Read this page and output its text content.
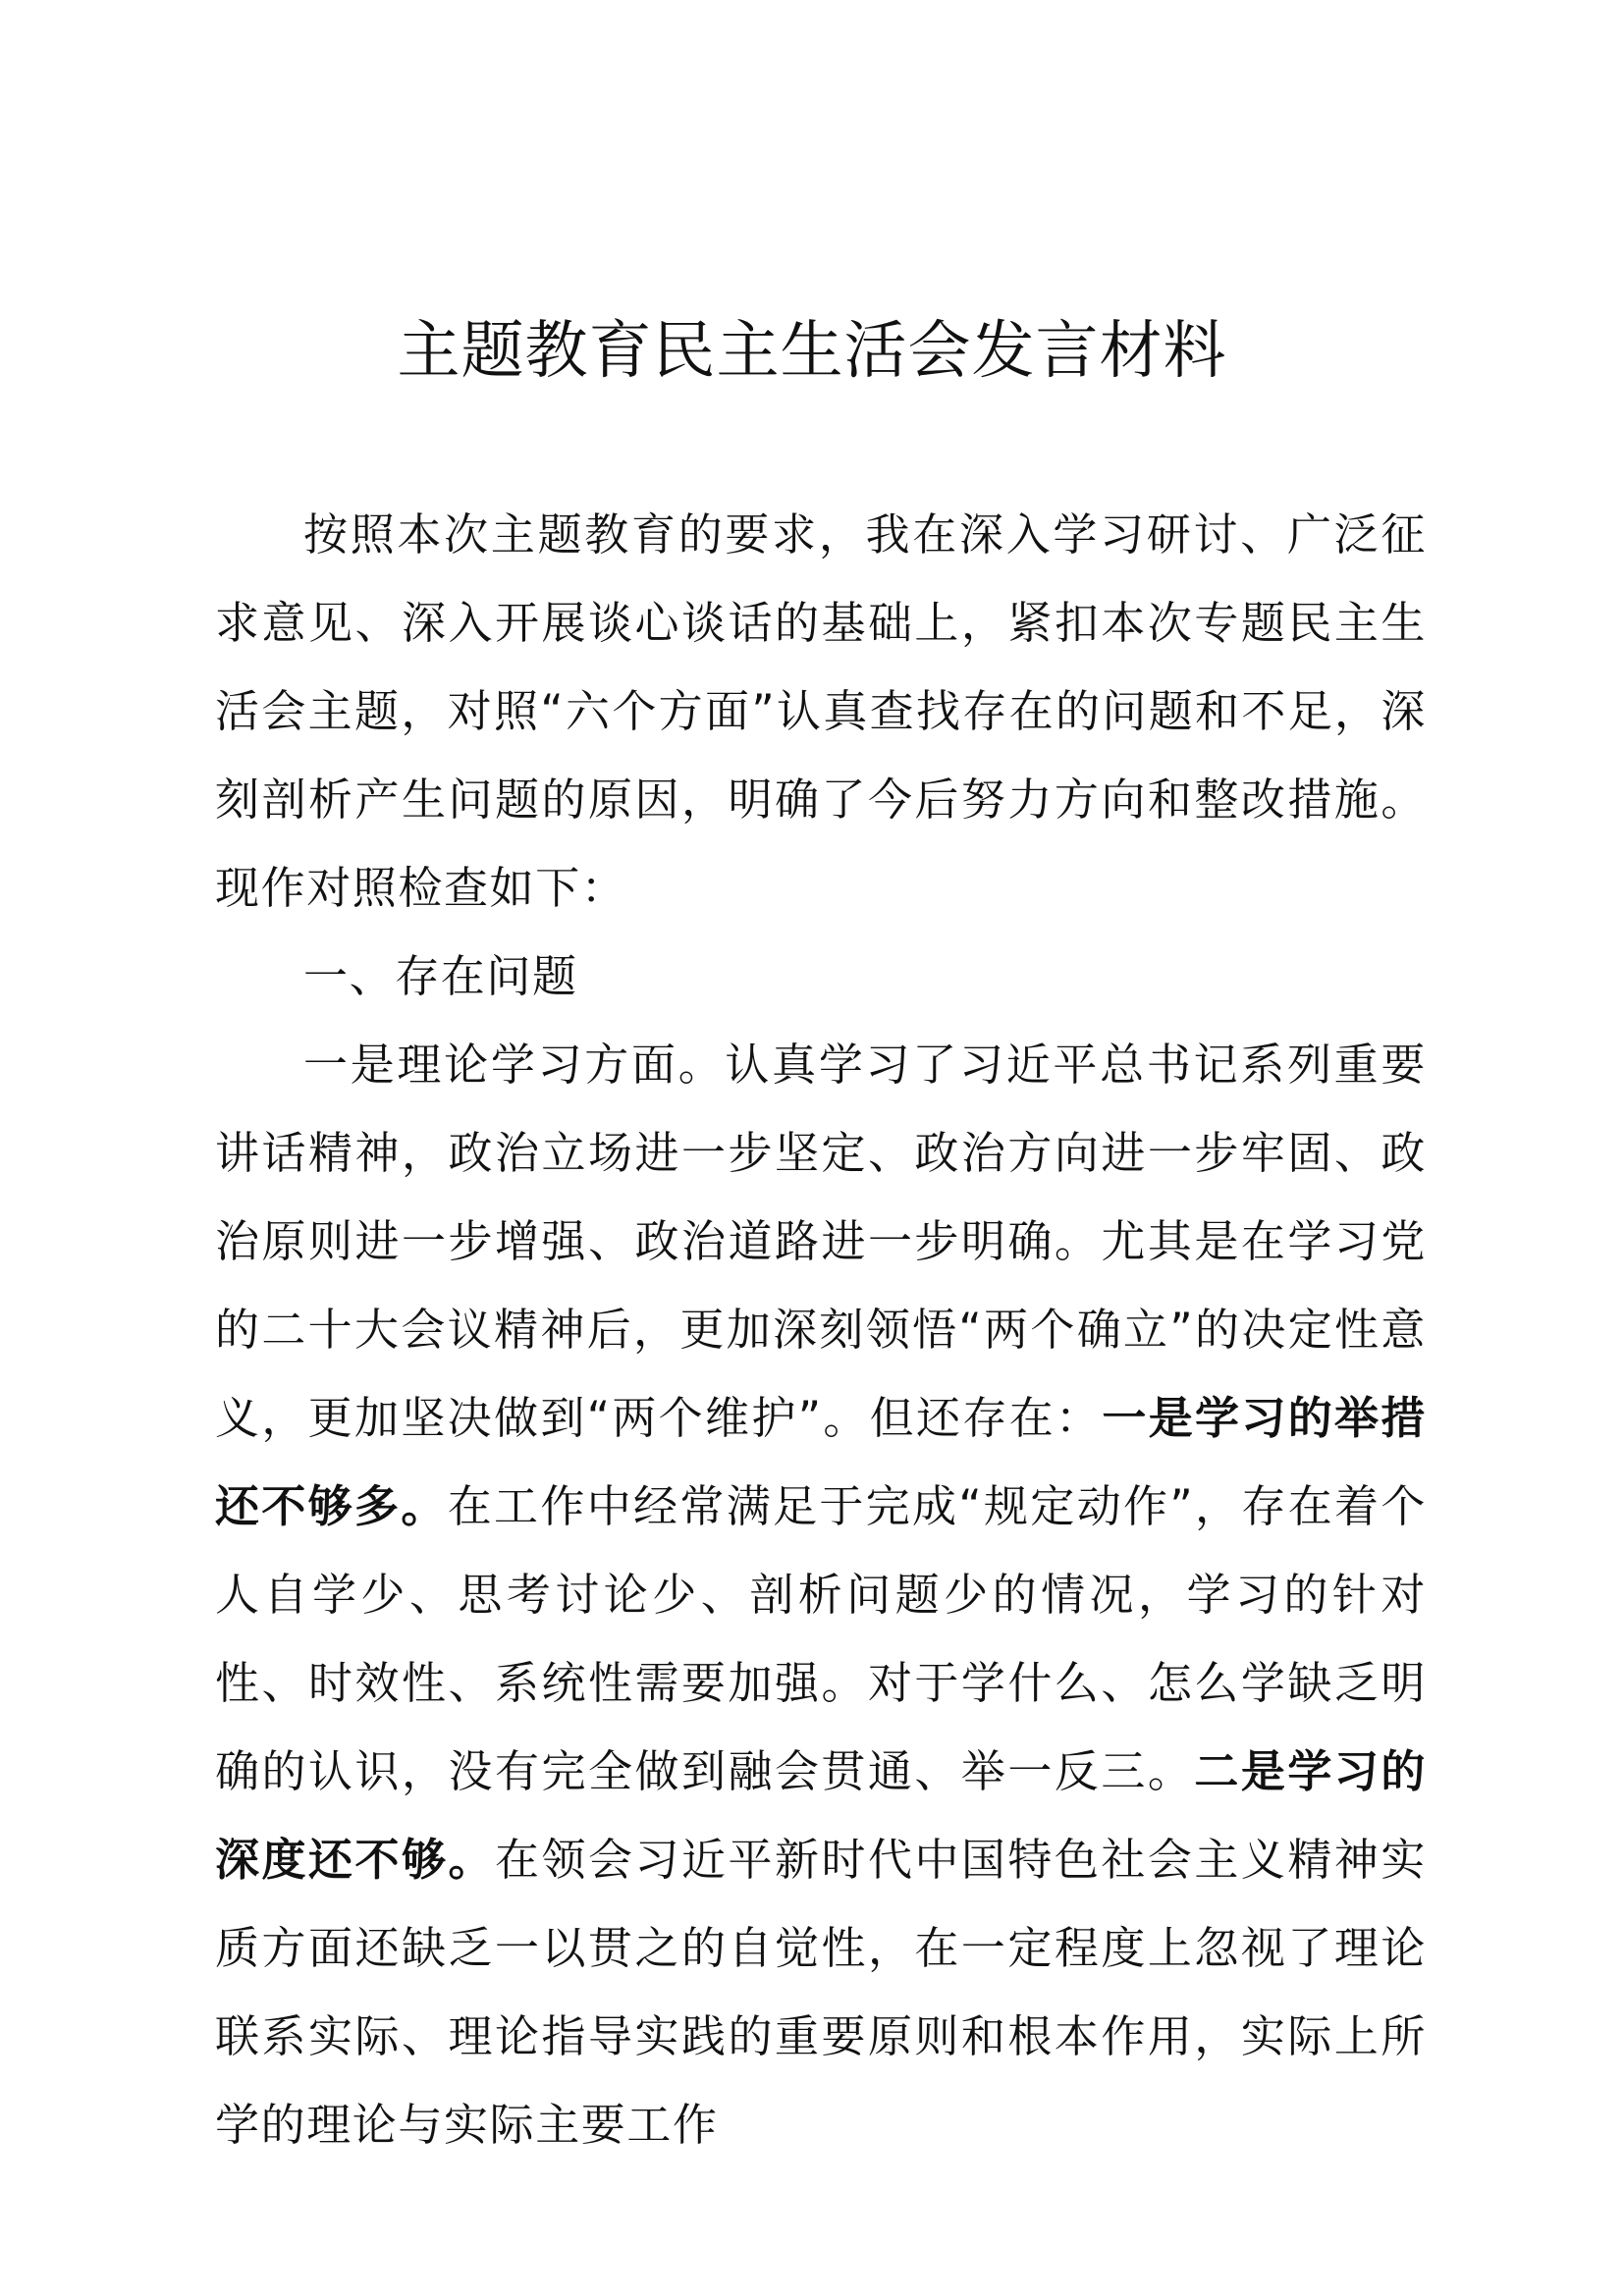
主题教育民主生活会发言材料

按照本次主题教育的要求，我在深入学习研讨、广泛征求意见、深入开展谈心谈话的基础上，紧扣本次专题民主生活会主题，对照“六个方面”认真查找存在的问题和不足，深刻剖析产生问题的原因，明确了今后努力方向和整改措施。现作对照检查如下：

一、存在问题

一是理论学习方面。认真学习了习近平总书记系列重要讲话精神，政治立场进一步坚定、政治方向进一步牢固、政治原则进一步增强、政治道路进一步明确。尤其是在学习党的二十大会议精神后，更加深刻领悟“两个确立”的决定性意义，更加坚决做到“两个维护”。但还存在：一是学习的举措还不够多。在工作中经常满足于完成“规定动作”，存在着个人自学少、思考讨论少、剖析问题少的情况，学习的针对性、时效性、系统性需要加强。对于学什么、怎么学缺乏明确的认识，没有完全做到融会贯通、举一反三。二是学习的深度还不够。在领会习近平新时代中国特色社会主义精神实质方面还缺乏一以贯之的自觉性，在一定程度上忽视了理论联系实际、理论指导实践的重要原则和根本作用，实际上所学的理论与实际主要工作
